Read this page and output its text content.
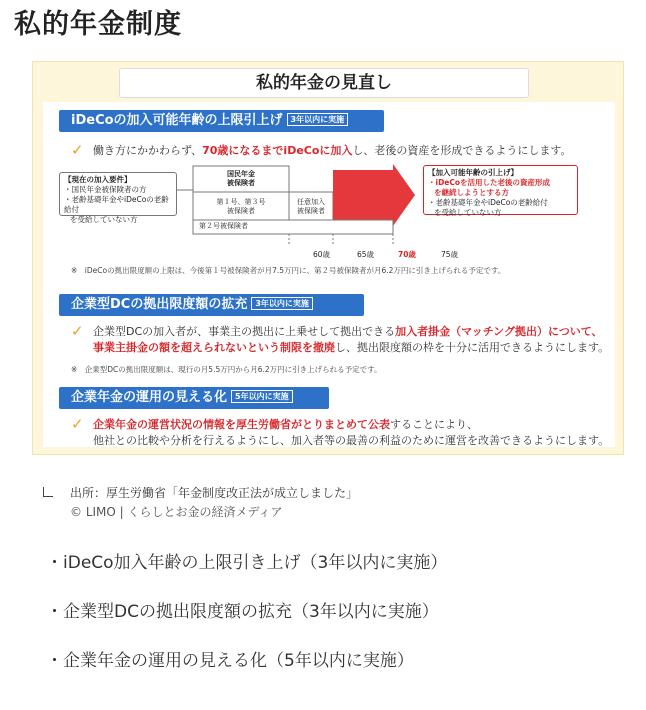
私的年金制度
私的年金の見直し
iDeCoの加入可能年齢の上限引上げ 3年以内に実施
✓ 働き方にかかわらず、70歳になるまでiDeCoに加入し、老後の資産を形成できるようにします。
【現在の加入要件】
・国民年金被保険者の方
・老齢基礎年金やiDeCoの老齢給付
を受給していない方
国民年金
被保険者
第１号、第３号
被保険者
任意加入
被保険者
第２号被保険者
60歳	65歳	70歳	75歳
【加入可能年齢の引上げ】
・iDeCoを活用した老後の資産形成
を継続しようとする方
・老齢基礎年金やiDeCoの老齢給付
を受給していない方
※　iDeCoの拠出限度額の上限は、今後第１号被保険者が月7.5万円に、第２号被保険者が月6.2万円に引き上げられる予定です。
企業型DCの拠出限度額の拡充 3年以内に実施
✓ 企業型DCの加入者が、事業主の拠出に上乗せして拠出できる加入者掛金（マッチング拠出）について、
事業主掛金の額を超えられないという制限を撤廃し、拠出限度額の枠を十分に活用できるようにします。
※　企業型DCの拠出限度額は、現行の月5.5万円から月6.2万円に引き上げられる予定です。
企業年金の運用の見える化 5年以内に実施
✓ 企業年金の運営状況の情報を厚生労働省がとりまとめて公表することにより、
他社との比較や分析を行えるようにし、加入者等の最善の利益のために運営を改善できるようにします。
出所：厚生労働省「年金制度改正法が成立しました」
© LIMO | くらしとお金の経済メディア
・iDeCo加入年齢の上限引き上げ（3年以内に実施）
・企業型DCの拠出限度額の拡充（3年以内に実施）
・企業年金の運用の見える化（5年以内に実施）
